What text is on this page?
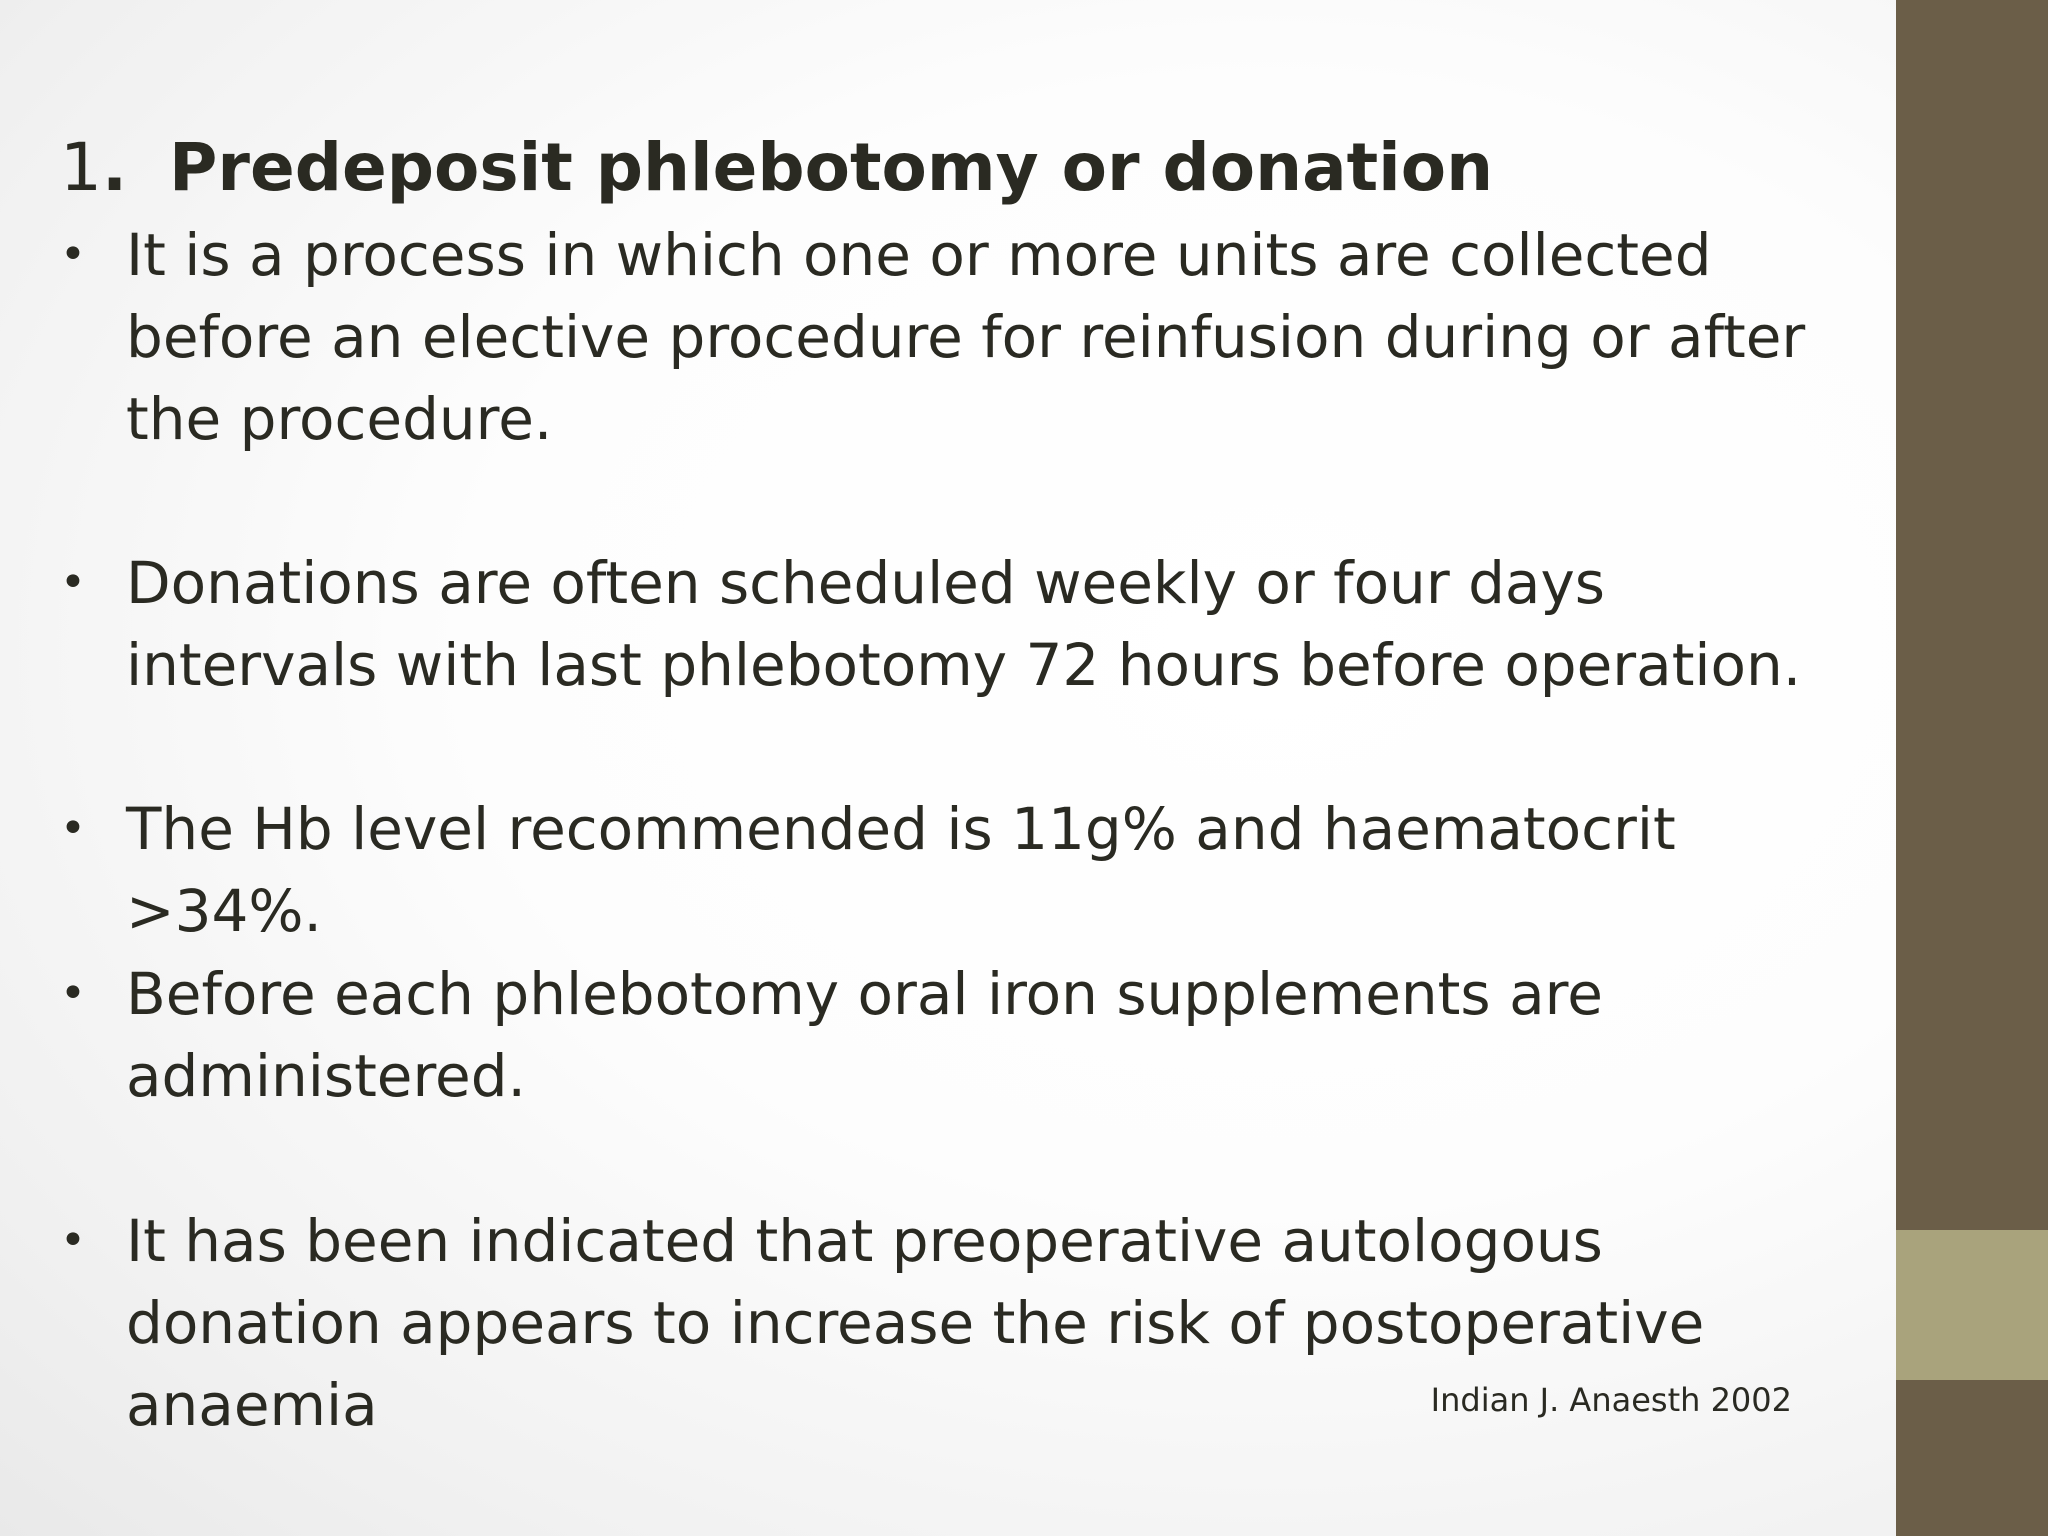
1. Predeposit phlebotomy or donation
• It is a process in which one or more units are collected before an elective procedure for reinfusion during or after the procedure.
• Donations are often scheduled weekly or four days intervals with last phlebotomy 72 hours before operation.
• The Hb level recommended is 11g% and haematocrit >34%.
• Before each phlebotomy oral iron supplements are administered.
• It has been indicated that preoperative autologous donation appears to increase the risk of postoperative anaemia	Indian J. Anaesth 2002
